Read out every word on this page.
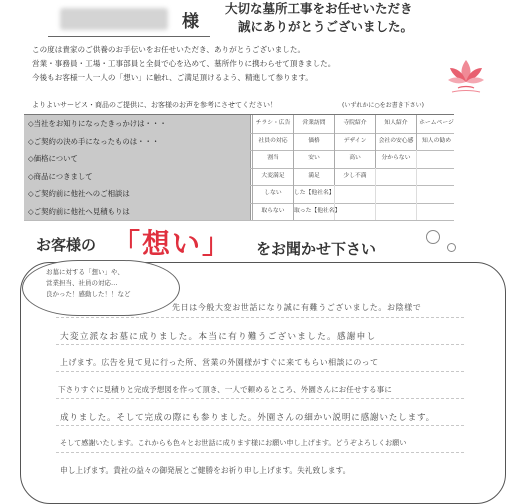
様
大切な墓所工事をお任せいただき
誠にありがとうございました。
この度は貴家のご供養のお手伝いをお任せいただき、ありがとうございました。
営業・事務員・工場・工事部員と全員で心を込めて、墓所作りに携わらせて頂きました。
今後もお客様一人一人の「想い」に触れ、ご満足頂けるよう、精進して参ります。
よりよいサービス・商品のご提供に、お客様のお声を参考にさせてください！	(いずれかに○をお書き下さい)
◇当社をお知りになったきっかけは・・・	チラシ・広告	営業訪問	寺院紹介	知人紹介	ホームページ
◇ご契約の決め手になったものは・・・	社員の対応	価格	デザイン	会社の安心感	知人の勧め
◇価格について	割当	安い	高い	分からない
◇商品につきまして	大変満足	満足	少し不満
◇ご契約前に他社へのご相談は	しない	した【他社名】
◇ご契約前に他社へ見積もりは	取らない	取った【他社名】
お客様の 「想い」 をお聞かせ下さい
お墓に対する「想い」や、
営業担当、社員の対応…
良かった！感動した！！など
先日は今般大変お世話になり誠に有難うございました。お陰様で
大変立派なお墓に成りました。本当に有り難うございました。感謝申し
上げます。広告を見て見に行った所、営業の外園様がすぐに来てもらい相談にのって
下さりすぐに見積りと完成予想図を作って頂き、一人で頼めるところ、外園さんにお任せする事に
成りました。そして完成の際にも参りました。外園さんの細かい説明に感謝いたします。
そして感謝いたします。これからも色々とお世話に成ります様にお願い申し上げます。どうぞよろしくお願い
申し上げます。貴社の益々の御発展とご健勝をお祈り申し上げます。失礼致します。
